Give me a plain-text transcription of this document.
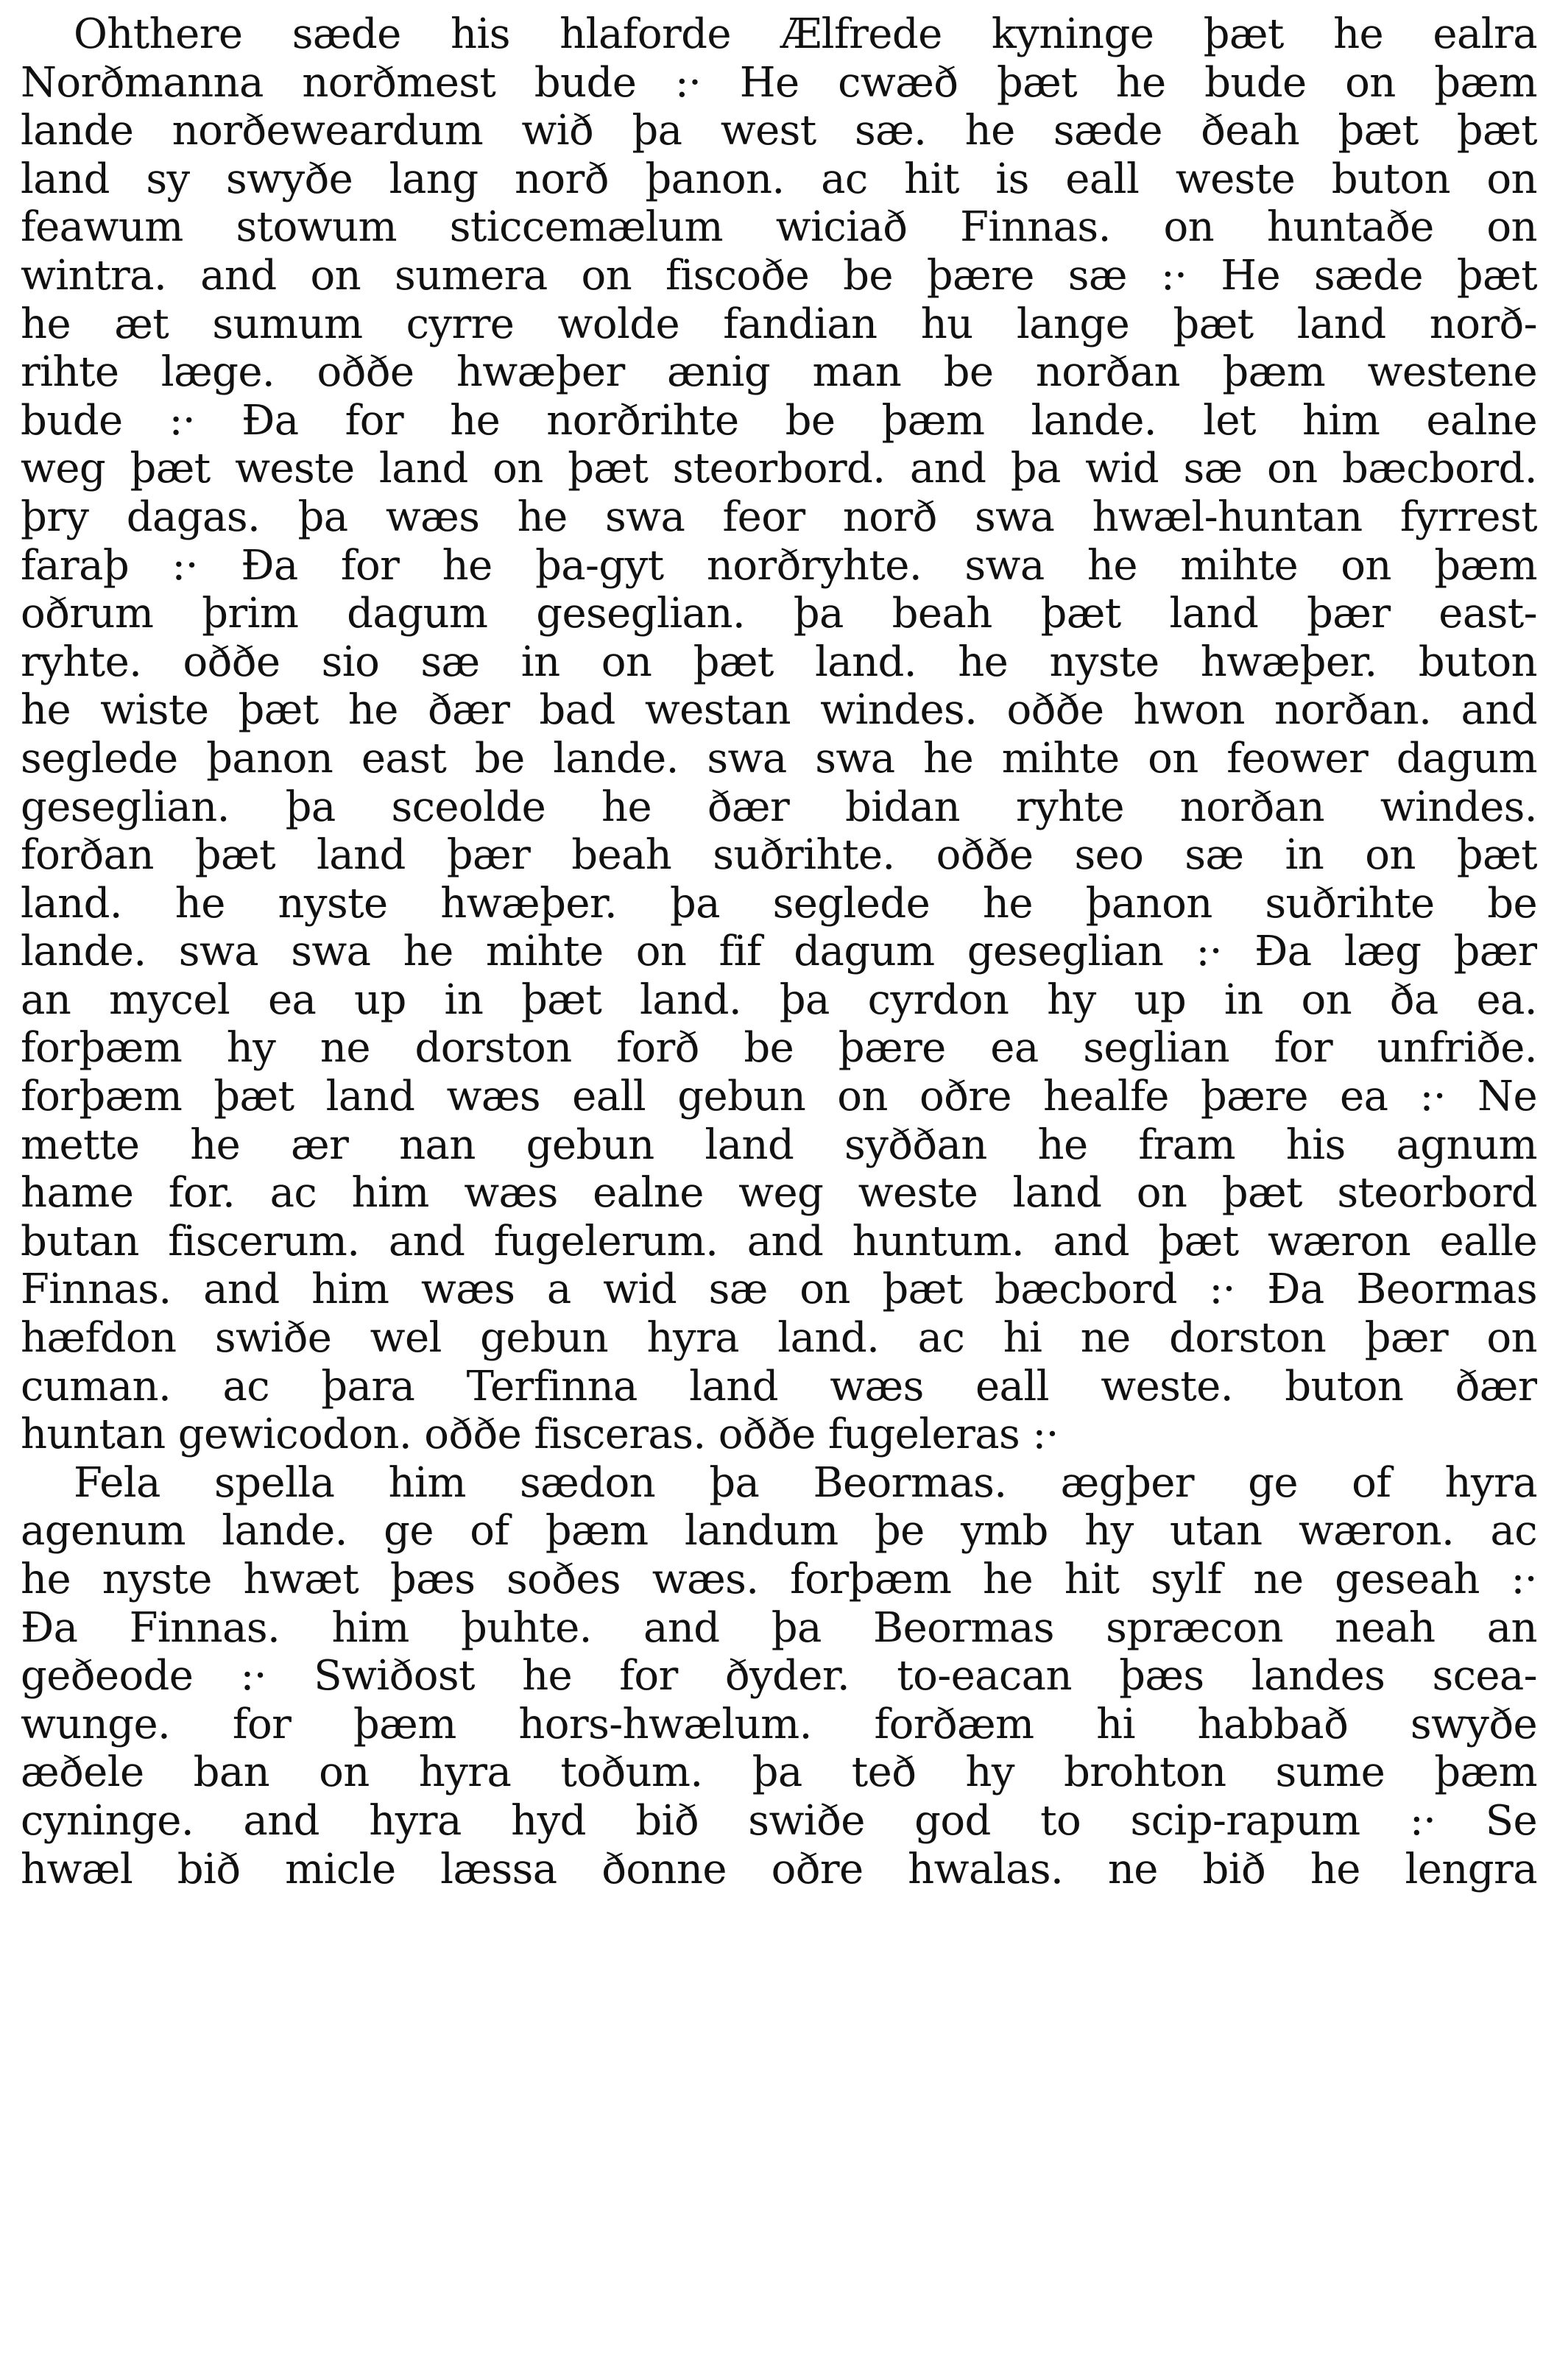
Ohthere sæde his hlaforde Ælfrede kyninge þæt he ealra
Norðmanna norðmest bude :· He cwæð þæt he bude on þæm
lande norðeweardum wið þa west sæ. he sæde ðeah þæt þæt
land sy swyðe lang norð þanon. ac hit is eall weste buton on
feawum stowum sticcemælum wiciað Finnas. on huntaðe on
wintra. and on sumera on fiscoðe be þære sæ :· He sæde þæt
he æt sumum cyrre wolde fandian hu lange þæt land norð-
rihte læge. oððe hwæþer ænig man be norðan þæm westene
bude :· Ða for he norðrihte be þæm lande. let him ealne
weg þæt weste land on þæt steorbord. and þa wid sæ on bæcbord.
þry dagas. þa wæs he swa feor norð swa hwæl-huntan fyrrest
faraþ :· Ða for he þa-gyt norðryhte. swa he mihte on þæm
oðrum þrim dagum geseglian. þa beah þæt land þær east-
ryhte. oððe sio sæ in on þæt land. he nyste hwæþer. buton
he wiste þæt he ðær bad westan windes. oððe hwon norðan. and
seglede þanon east be lande. swa swa he mihte on feower dagum
geseglian. þa sceolde he ðær bidan ryhte norðan windes.
forðan þæt land þær beah suðrihte. oððe seo sæ in on þæt
land. he nyste hwæþer. þa seglede he þanon suðrihte be
lande. swa swa he mihte on fif dagum geseglian :· Ða læg þær
an mycel ea up in þæt land. þa cyrdon hy up in on ða ea.
forþæm hy ne dorston forð be þære ea seglian for unfriðe.
forþæm þæt land wæs eall gebun on oðre healfe þære ea :· Ne
mette he ær nan gebun land syððan he fram his agnum
hame for. ac him wæs ealne weg weste land on þæt steorbord
butan fiscerum. and fugelerum. and huntum. and þæt wæron ealle
Finnas. and him wæs a wid sæ on þæt bæcbord :· Ða Beormas
hæfdon swiðe wel gebun hyra land. ac hi ne dorston þær on
cuman. ac þara Terfinna land wæs eall weste. buton ðær
huntan gewicodon. oððe fisceras. oððe fugeleras :·
Fela spella him sædon þa Beormas. ægþer ge of hyra
agenum lande. ge of þæm landum þe ymb hy utan wæron. ac
he nyste hwæt þæs soðes wæs. forþæm he hit sylf ne geseah :·
Ða Finnas. him þuhte. and þa Beormas spræcon neah an
geðeode :· Swiðost he for ðyder. to-eacan þæs landes scea-
wunge. for þæm hors-hwælum. forðæm hi habbað swyðe
æðele ban on hyra toðum. þa teð hy brohton sume þæm
cyninge. and hyra hyd bið swiðe god to scip-rapum :· Se
hwæl bið micle læssa ðonne oðre hwalas. ne bið he lengra
